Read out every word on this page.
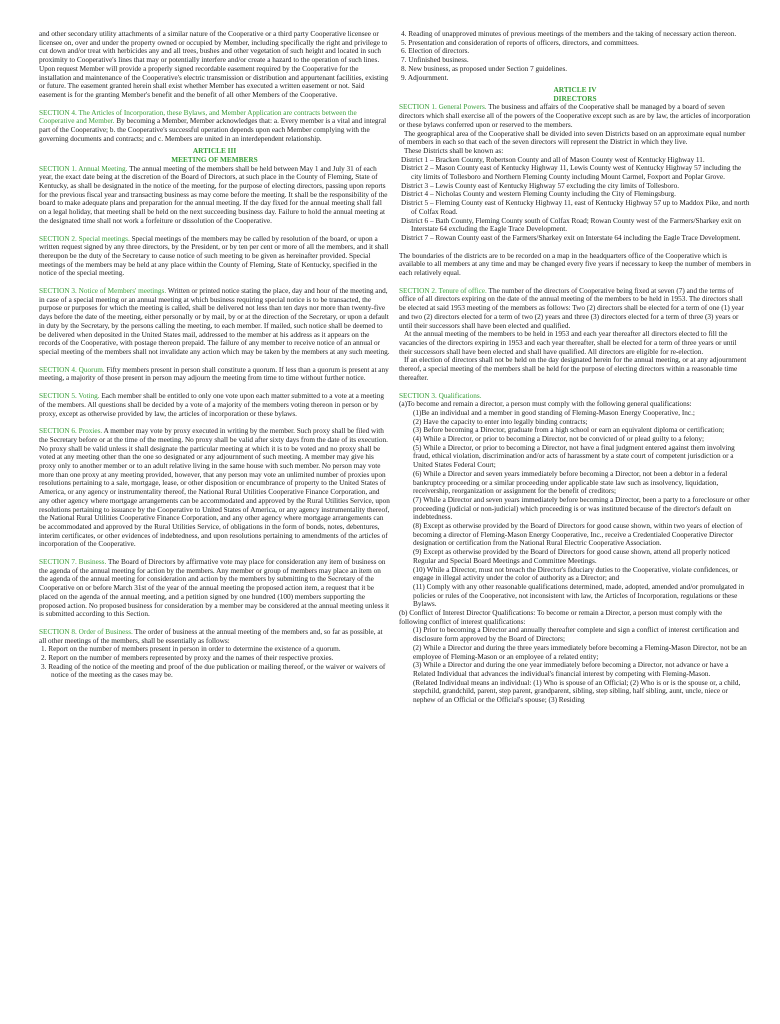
and other secondary utility attachments of a similar nature of the Cooperative or a third party Cooperative licensee or licensee on, over and under the property owned or occupied by Member, including specifically the right and privilege to cut down and/or treat with herbicides any and all trees, bushes and other vegetation of such height and located in such proximity to Cooperative's lines that may or potentially interfere and/or create a hazard to the operation of such lines. Upon request Member will provide a properly signed recordable easement required by the Cooperative for the installation and maintenance of the Cooperative's electric transmission or distribution and appurtenant facilities, existing or future. The easement granted herein shall exist whether Member has executed a written easement or not. Said easement is for the granting Member's benefit and the benefit of all other Members of the Cooperative.

SECTION 4. The Articles of Incorporation, these Bylaws, and Member Application are contracts between the Cooperative and Member. By becoming a Member, Member acknowledges that: a. Every member is a vital and integral part of the Cooperative; b. the Cooperative's successful operation depends upon each Member complying with the governing documents and contracts; and c. Members are united in an interdependent relationship.

ARTICLE III

MEETING OF MEMBERS

SECTION 1. Annual Meeting. The annual meeting of the members shall be held between May 1 and July 31 of each year, the exact date being at the discretion of the Board of Directors, at such place in the County of Fleming, State of Kentucky, as shall be designated in the notice of the meeting, for the purpose of electing directors, passing upon reports for the previous fiscal year and transacting business as may come before the meeting. It shall be the responsibility of the board to make adequate plans and preparation for the annual meeting. If the day fixed for the annual meeting shall fall on a legal holiday, that meeting shall be held on the next succeeding business day. Failure to hold the annual meeting at the designated time shall not work a forfeiture or dissolution of the Cooperative.

SECTION 2. Special meetings. Special meetings of the members may be called by resolution of the board, or upon a written request signed by any three directors, by the President, or by ten per cent or more of all the members, and it shall thereupon be the duty of the Secretary to cause notice of such meeting to be given as hereinafter provided. Special meetings of the members may be held at any place within the County of Fleming, State of Kentucky, specified in the notice of the special meeting.

SECTION 3. Notice of Members' meetings. Written or printed notice stating the place, day and hour of the meeting and, in case of a special meeting or an annual meeting at which business requiring special notice is to be transacted, the purpose or purposes for which the meeting is called, shall be delivered not less than ten days nor more than twenty-five days before the date of the meeting, either personally or by mail, by or at the direction of the Secretary, or upon a default in duty by the Secretary, by the persons calling the meeting, to each member. If mailed, such notice shall be deemed to be delivered when deposited in the United States mail, addressed to the member at his address as it appears on the records of the Cooperative, with postage thereon prepaid. The failure of any member to receive notice of an annual or special meeting of the members shall not invalidate any action which may be taken by the members at any such meeting.

SECTION 4. Quorum. Fifty members present in person shall constitute a quorum. If less than a quorum is present at any meeting, a majority of those present in person may adjourn the meeting from time to time without further notice.

SECTION 5. Voting. Each member shall be entitled to only one vote upon each matter submitted to a vote at a meeting of the members. All questions shall be decided by a vote of a majority of the members voting thereon in person or by proxy, except as otherwise provided by law, the articles of incorporation or these bylaws.

SECTION 6. Proxies. A member may vote by proxy executed in writing by the member. Such proxy shall be filed with the Secretary before or at the time of the meeting. No proxy shall be valid after sixty days from the date of its execution. No proxy shall be valid unless it shall designate the particular meeting at which it is to be voted and no proxy shall be voted at any meeting other than the one so designated or any adjournment of such meeting. A member may give his proxy only to another member or to an adult relative living in the same house with such member. No person may vote more than one proxy at any meeting provided, however, that any person may vote an unlimited number of proxies upon resolutions pertaining to a sale, mortgage, lease, or other disposition or encumbrance of property to the United States of America, or any agency or instrumentality thereof, the National Rural Utilities Cooperative Finance Corporation, and any other agency where mortgage arrangements can be accommodated and approved by the Rural Utilities Service, upon resolutions pertaining to issuance by the Cooperative to United States of America, or any agency instrumentality thereof, the National Rural Utilities Cooperative Finance Corporation, and any other agency where mortgage arrangements can be accommodated and approved by the Rural Utilities Service, of obligations in the form of bonds, notes, debentures, interim certificates, or other evidences of indebtedness, and upon resolutions pertaining to amendments of the articles of incorporation of the Cooperative.

SECTION 7. Business. The Board of Directors by affirmative vote may place for consideration any item of business on the agenda of the annual meeting for action by the members. Any member or group of members may place an item on the agenda of the annual meeting for consideration and action by the members by submitting to the Secretary of the Cooperative on or before March 31st of the year of the annual meeting the proposed action item, a request that it be placed on the agenda of the annual meeting, and a petition signed by one hundred (100) members supporting the proposed action. No proposed business for consideration by a member may be considered at the annual meeting unless it is submitted according to this Section.

SECTION 8. Order of Business. The order of business at the annual meeting of the members and, so far as possible, at all other meetings of the members, shall be essentially as follows:

1. Report on the number of members present in person in order to determine the existence of a quorum.

2. Report on the number of members represented by proxy and the names of their respective proxies.

3. Reading of the notice of the meeting and proof of the due publication or mailing thereof, or the waiver or waivers of notice of the meeting as the cases may be.

4. Reading of unapproved minutes of previous meetings of the members and the taking of necessary action thereon.

5. Presentation and consideration of reports of officers, directors, and committees.

6. Election of directors.

7. Unfinished business.

8. New business, as proposed under Section 7 guidelines.

9. Adjournment.

ARTICLE IV

DIRECTORS

SECTION 1. General Powers. The business and affairs of the Cooperative shall be managed by a board of seven directors which shall exercise all of the powers of the Cooperative except such as are by law, the articles of incorporation or these bylaws conferred upon or reserved to the members.

The geographical area of the Cooperative shall be divided into seven Districts based on an approximate equal number of members in each so that each of the seven directors will represent the District in which they live.

These Districts shall be known as:

District 1 – Bracken County, Robertson County and all of Mason County west of Kentucky Highway 11.

District 2 – Mason County east of Kentucky Highway 11, Lewis County west of Kentucky Highway 57 including the city limits of Tollesboro and Northern Fleming County including Mount Carmel, Foxport and Poplar Grove.

District 3 – Lewis County east of Kentucky Highway 57 excluding the city limits of Tollesboro.

District 4 – Nicholas County and western Fleming County including the City of Flemingsburg.

District 5 – Fleming County east of Kentucky Highway 11, east of Kentucky Highway 57 up to Maddox Pike, and north of Colfax Road.

District 6 – Bath County, Fleming County south of Colfax Road; Rowan County west of the Farmers/Sharkey exit on Interstate 64 excluding the Eagle Trace Development.

District 7 – Rowan County east of the Farmers/Sharkey exit on Interstate 64 including the Eagle Trace Development.

The boundaries of the districts are to be recorded on a map in the headquarters office of the Cooperative which is available to all members at any time and may be changed every five years if necessary to keep the number of members in each relatively equal.

SECTION 2. Tenure of office. The number of the directors of Cooperative being fixed at seven (7) and the terms of office of all directors expiring on the date of the annual meeting of the members to be held in 1953. The directors shall be elected at said 1953 meeting of the members as follows: Two (2) directors shall be elected for a term of one (1) year and two (2) directors elected for a term of two (2) years and three (3) directors elected for a term of three (3) years or until their successors shall have been elected and qualified.

At the annual meeting of the members to be held in 1953 and each year thereafter all directors elected to fill the vacancies of the directors expiring in 1953 and each year thereafter, shall be elected for a term of three years or until their successors shall have been elected and shall have qualified. All directors are eligible for re-election.

If an election of directors shall not be held on the day designated herein for the annual meeting, or at any adjournment thereof, a special meeting of the members shall be held for the purpose of electing directors within a reasonable time thereafter.

SECTION 3. Qualifications.

(a)To become and remain a director, a person must comply with the following general qualifications:

(1)Be an individual and a member in good standing of Fleming-Mason Energy Cooperative, Inc.;

(2) Have the capacity to enter into legally binding contracts;

(3) Before becoming a Director, graduate from a high school or earn an equivalent diploma or certification;

(4) While a Director, or prior to becoming a Director, not be convicted of or plead guilty to a felony;

(5) While a Director, or prior to becoming a Director, not have a final judgment entered against them involving fraud, ethical violation, discrimination and/or acts of harassment by a state court of competent jurisdiction or a United States Federal Court;

(6) While a Director and seven years immediately before becoming a Director, not been a debtor in a federal bankruptcy proceeding or a similar proceeding under applicable state law such as insolvency, liquidation, receivership, reorganization or assignment for the benefit of creditors;

(7) While a Director and seven years immediately before becoming a Director, been a party to a foreclosure or other proceeding (judicial or non-judicial) which proceeding is or was instituted because of the director's default on indebtedness.

(8) Except as otherwise provided by the Board of Directors for good cause shown, within two years of election of becoming a director of Fleming-Mason Energy Cooperative, Inc., receive a Credentialed Cooperative Director designation or certification from the National Rural Electric Cooperative Association.

(9) Except as otherwise provided by the Board of Directors for good cause shown, attend all properly noticed Regular and Special Board Meetings and Committee Meetings.

(10) While a Director, must not breach the Director's fiduciary duties to the Cooperative, violate confidences, or engage in illegal activity under the color of authority as a Director; and

(11) Comply with any other reasonable qualifications determined, made, adopted, amended and/or promulgated in policies or rules of the Cooperative, not inconsistent with law, the Articles of Incorporation, regulations or these Bylaws.

(b) Conflict of Interest Director Qualifications: To become or remain a Director, a person must comply with the following conflict of interest qualifications:

(1) Prior to becoming a Director and annually thereafter complete and sign a conflict of interest certification and disclosure form approved by the Board of Directors;

(2) While a Director and during the three years immediately before becoming a Fleming-Mason Director, not be an employee of Fleming-Mason or an employee of a related entity;

(3) While a Director and during the one year immediately before becoming a Director, not advance or have a Related Individual that advances the individual's financial interest by competing with Fleming-Mason.

(Related Individual means an individual: (1) Who is spouse of an Official; (2) Who is or is the spouse or, a child, stepchild, grandchild, parent, step parent, grandparent, sibling, step sibling, half sibling, aunt, uncle, niece or nephew of an Official or the Official's spouse; (3) Residing
